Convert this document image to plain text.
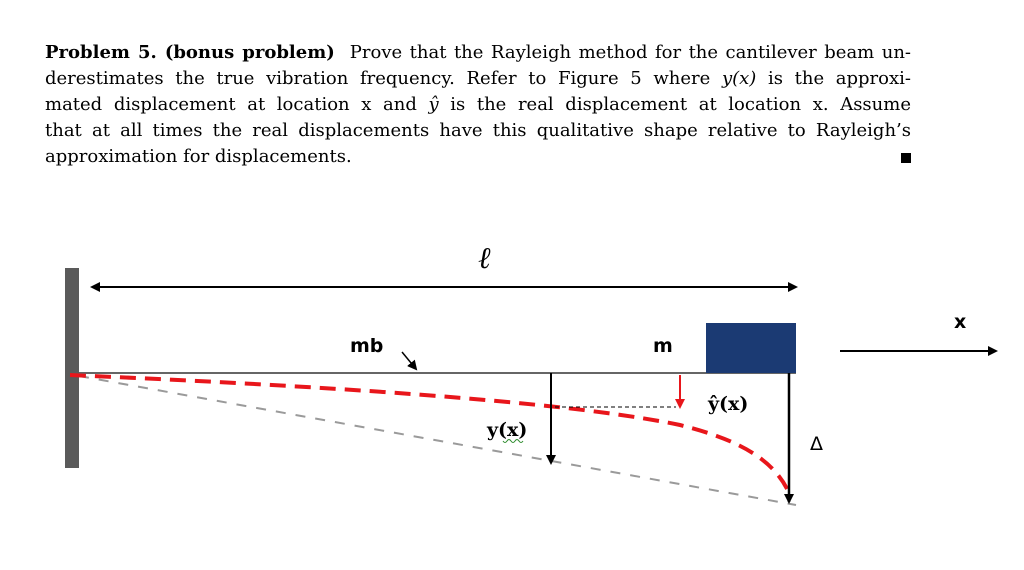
Problem 5. (bonus problem) Prove that the Rayleigh method for the cantilever beam un-
derestimates the true vibration frequency. Refer to Figure 5 where y(x) is the approxi-
mated displacement at location x and ŷ is the real displacement at location x. Assume
that at all times the real displacements have this qualitative shape relative to Rayleigh’s
approximation for displacements.
ℓ
mb	m
y(x)
ŷ(x)
Δ
x
